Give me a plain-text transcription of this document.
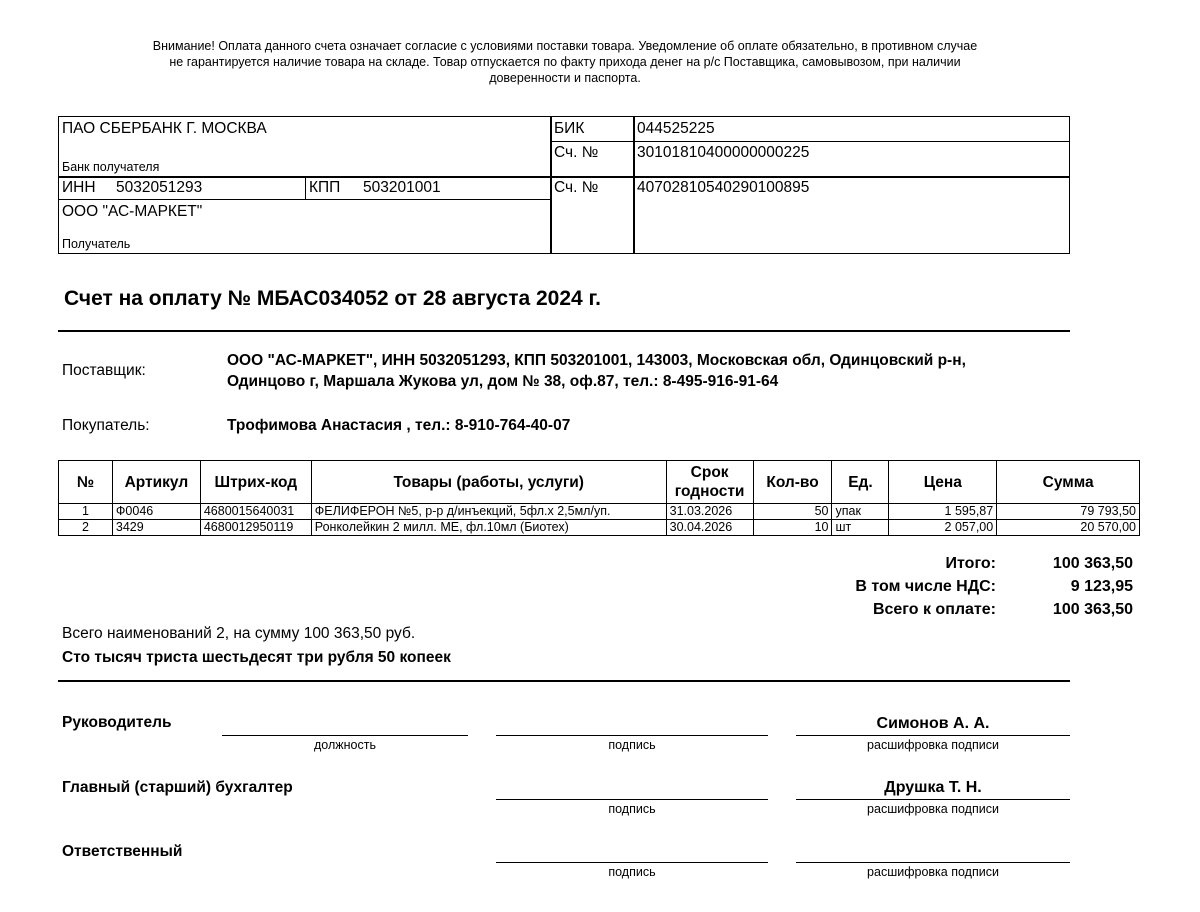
Внимание! Оплата данного счета означает согласие с условиями поставки товара. Уведомление об оплате обязательно, в противном случае не гарантируется наличие товара на складе. Товар отпускается по факту прихода денег на р/с Поставщика, самовывозом, при наличии доверенности и паспорта.
ПАО СБЕРБАНК Г. МОСКВА
Банк получателя
БИК	044525225
Сч. № 30101810400000000225
ИНН 5032051293	КПП 503201001	Сч. № 40702810540290100895
ООО "АС-МАРКЕТ"
Получатель
Счет на оплату № МБАС034052 от 28 августа 2024 г.
Поставщик:
ООО "АС-МАРКЕТ", ИНН 5032051293, КПП 503201001, 143003, Московская обл, Одинцовский р-н,
Одинцово г, Маршала Жукова ул, дом № 38, оф.87, тел.: 8-495-916-91-64
Покупатель:	Трофимова Анастасия , тел.: 8-910-764-40-07
№	Артикул	Штрих-код	Товары (работы, услуги)	Срок годности	Кол-во	Ед.	Цена	Сумма
1	Ф0046	4680015640031	ФЕЛИФЕРОН №5, р-р д/инъекций, 5фл.х 2,5мл/уп.	31.03.2026	50	упак	1 595,87	79 793,50
2	3429	4680012950119	Ронколейкин 2 милл. МЕ, фл.10мл (Биотех)	30.04.2026	10	шт	2 057,00	20 570,00
Итого:	100 363,50
В том числе НДС:	9 123,95
Всего к оплате:	100 363,50
Всего наименований 2, на сумму 100 363,50 руб.
Сто тысяч триста шестьдесят три рубля 50 копеек
Руководитель
должность	подпись
Симонов А. А.
расшифровка подписи
Главный (старший) бухгалтер
подпись
Друшка Т. Н.
расшифровка подписи
Ответственный
подпись	расшифровка подписи
